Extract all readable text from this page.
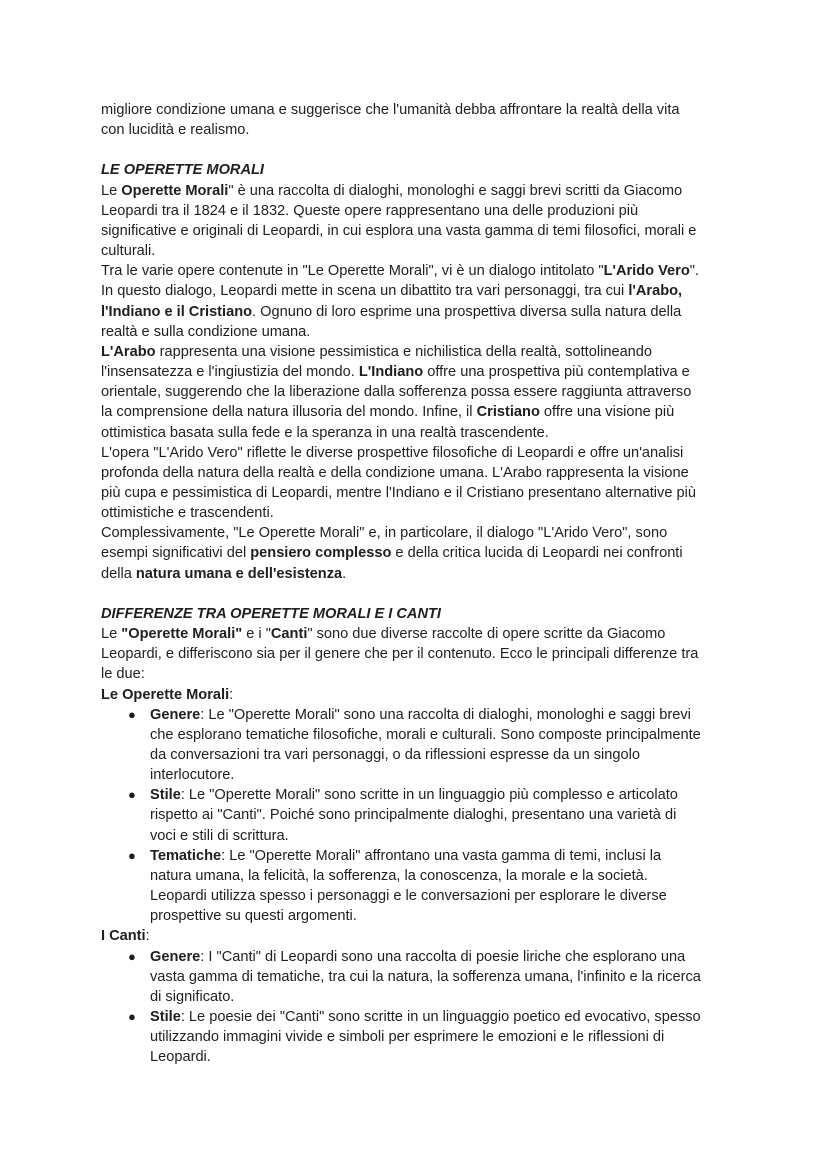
migliore condizione umana e suggerisce che l'umanità debba affrontare la realtà della vita
con lucidità e realismo.
LE OPERETTE MORALI
Le Operette Morali" è una raccolta di dialoghi, monologhi e saggi brevi scritti da Giacomo
Leopardi tra il 1824 e il 1832. Queste opere rappresentano una delle produzioni più
significative e originali di Leopardi, in cui esplora una vasta gamma di temi filosofici, morali e
culturali.
Tra le varie opere contenute in "Le Operette Morali", vi è un dialogo intitolato "L'Arido Vero".
In questo dialogo, Leopardi mette in scena un dibattito tra vari personaggi, tra cui l'Arabo,
l'Indiano e il Cristiano. Ognuno di loro esprime una prospettiva diversa sulla natura della
realtà e sulla condizione umana.
L'Arabo rappresenta una visione pessimistica e nichilistica della realtà, sottolineando
l'insensatezza e l'ingiustizia del mondo. L'Indiano offre una prospettiva più contemplativa e
orientale, suggerendo che la liberazione dalla sofferenza possa essere raggiunta attraverso
la comprensione della natura illusoria del mondo. Infine, il Cristiano offre una visione più
ottimistica basata sulla fede e la speranza in una realtà trascendente.
L'opera "L'Arido Vero" riflette le diverse prospettive filosofiche di Leopardi e offre un'analisi
profonda della natura della realtà e della condizione umana. L'Arabo rappresenta la visione
più cupa e pessimistica di Leopardi, mentre l'Indiano e il Cristiano presentano alternative più
ottimistiche e trascendenti.
Complessivamente, "Le Operette Morali" e, in particolare, il dialogo "L'Arido Vero", sono
esempi significativi del pensiero complesso e della critica lucida di Leopardi nei confronti
della natura umana e dell'esistenza.
DIFFERENZE TRA OPERETTE MORALI E I CANTI
Le "Operette Morali" e i "Canti" sono due diverse raccolte di opere scritte da Giacomo
Leopardi, e differiscono sia per il genere che per il contenuto. Ecco le principali differenze tra
le due:
Le Operette Morali:
● Genere: Le "Operette Morali" sono una raccolta di dialoghi, monologhi e saggi brevi
che esplorano tematiche filosofiche, morali e culturali. Sono composte principalmente
da conversazioni tra vari personaggi, o da riflessioni espresse da un singolo
interlocutore.
● Stile: Le "Operette Morali" sono scritte in un linguaggio più complesso e articolato
rispetto ai "Canti". Poiché sono principalmente dialoghi, presentano una varietà di
voci e stili di scrittura.
● Tematiche: Le "Operette Morali" affrontano una vasta gamma di temi, inclusi la
natura umana, la felicità, la sofferenza, la conoscenza, la morale e la società.
Leopardi utilizza spesso i personaggi e le conversazioni per esplorare le diverse
prospettive su questi argomenti.
I Canti:
● Genere: I "Canti" di Leopardi sono una raccolta di poesie liriche che esplorano una
vasta gamma di tematiche, tra cui la natura, la sofferenza umana, l'infinito e la ricerca
di significato.
● Stile: Le poesie dei "Canti" sono scritte in un linguaggio poetico ed evocativo, spesso
utilizzando immagini vivide e simboli per esprimere le emozioni e le riflessioni di
Leopardi.
